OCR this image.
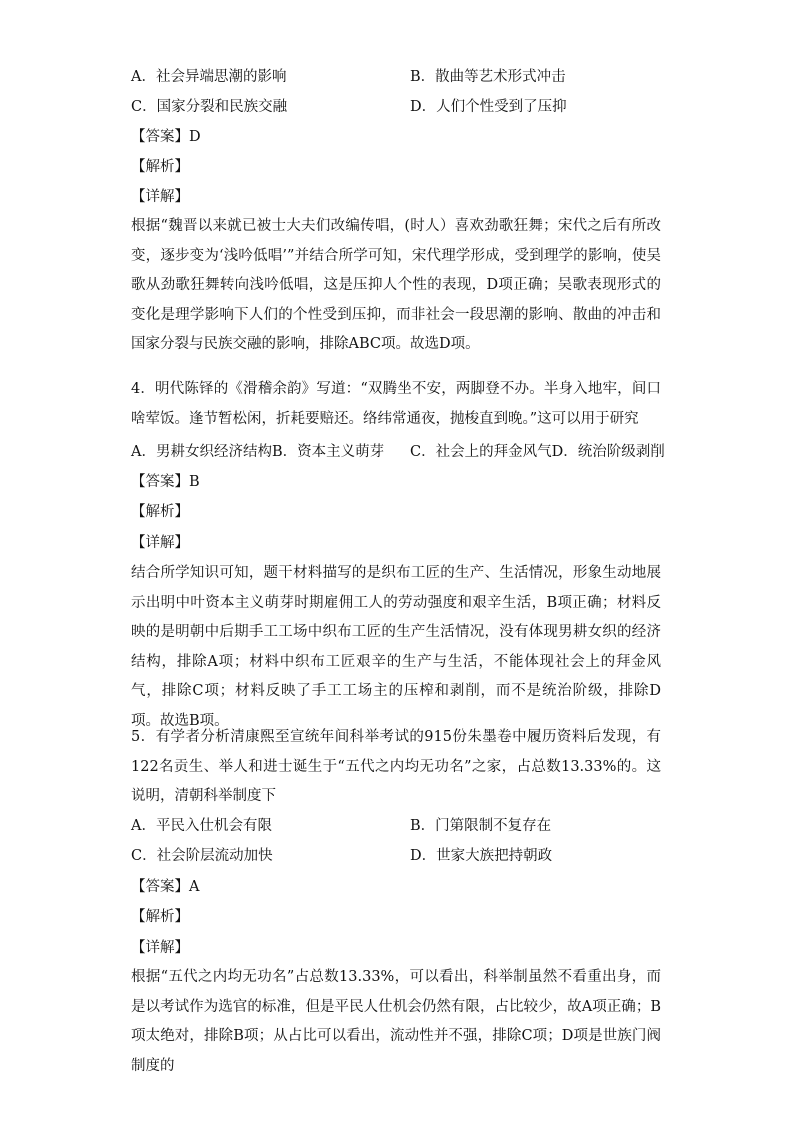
A．社会异端思潮的影响	B．散曲等艺术形式冲击
C．国家分裂和民族交融	D．人们个性受到了压抑
【答案】D
【解析】
【详解】
根据“魏晋以来就已被士大夫们改编传唱，(时人）喜欢劲歌狂舞；宋代之后有所改变，逐步变为‘浅吟低唱’”并结合所学可知，宋代理学形成，受到理学的影响，使吴歌从劲歌狂舞转向浅吟低唱，这是压抑人个性的表现，D项正确；吴歌表现形式的变化是理学影响下人们的个性受到压抑，而非社会一段思潮的影响、散曲的冲击和国家分裂与民族交融的影响，排除ABC项。故选D项。
4．明代陈铎的《滑稽余韵》写道：“双腾坐不安，两脚登不办。半身入地牢，间口啥荤饭。逢节暂松闲，折耗要赔还。络纬常通夜，抛梭直到晚。”这可以用于研究
A．男耕女织经济结构B．资本主义萌芽 C．社会上的拜金风气D．统治阶级剥削
【答案】B
【解析】
【详解】
结合所学知识可知，题干材料描写的是织布工匠的生产、生活情况，形象生动地展示出明中叶资本主义萌芽时期雇佣工人的劳动强度和艰辛生活，B项正确；材料反映的是明朝中后期手工工场中织布工匠的生产生活情况，没有体现男耕女织的经济结构，排除A项；材料中织布工匠艰辛的生产与生活，不能体现社会上的拜金风气，排除C项；材料反映了手工工场主的压榨和剥削，而不是统治阶级，排除D项。故选B项。
5．有学者分析清康熙至宣统年间科举考试的915份朱墨卷中履历资料后发现，有122名贡生、举人和进士诞生于“五代之内均无功名”之家，占总数13.33%的。这说明，清朝科举制度下
A．平民入仕机会有限	B．门第限制不复存在
C．社会阶层流动加快	D．世家大族把持朝政
【答案】A
【解析】
【详解】
根据“五代之内均无功名”占总数13.33%，可以看出，科举制虽然不看重出身，而是以考试作为选官的标准，但是平民人仕机会仍然有限，占比较少，故A项正确；B项太绝对，排除B项；从占比可以看出，流动性并不强，排除C项；D项是世族门阀制度的
